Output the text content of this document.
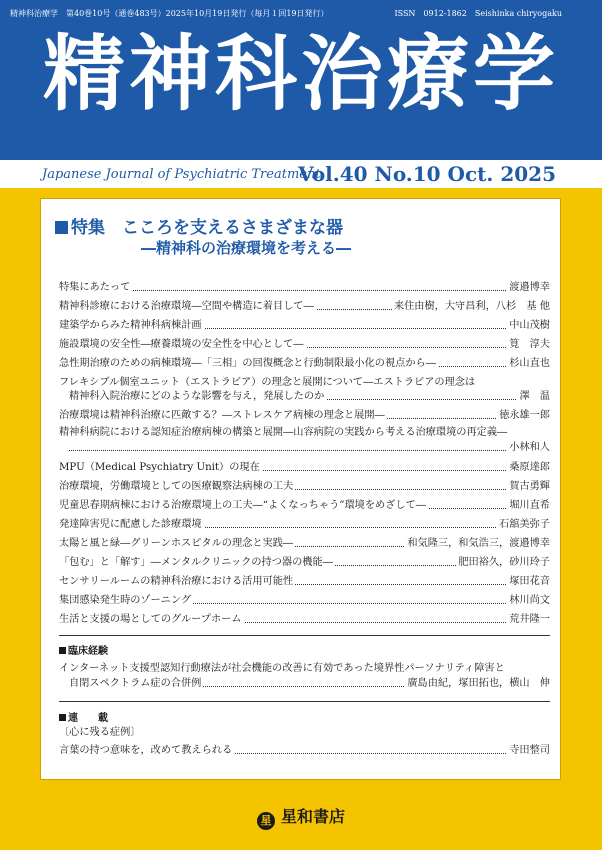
精神科治療学　第40巻10号（通巻483号）2025年10月19日発行（毎月１回19日発行）	ISSN　0912-1862　Seishinka chiryogaku
精神科治療学
Japanese Journal of Psychiatric Treatment
Vol.40 No.10 Oct. 2025
特集　こころを支えるさまざまな器
―精神科の治療環境を考える―
特集にあたって	渡邉博幸
精神科診療における治療環境―空間や構造に着目して―	来住由樹，大守昌利，八杉　基 他
建築学からみた精神科病棟計画	中山茂樹
施設環境の安全性―療養環境の安全性を中心として―	筧　淳夫
急性期治療のための病棟環境―「三相」の回復概念と行動制限最小化の視点から―	杉山直也
フレキシブル個室ユニット（エストラビア）の理念と展開について―エストラビアの理念は
精神科入院治療にどのような影響を与え，発展したのか	澤　温
治療環境は精神科治療に匹敵する？―ストレスケア病棟の理念と展開―	徳永雄一郎
精神科病院における認知症治療病棟の構築と展開―山容病院の実践から考える治療環境の再定義―
小林和人
MPU（Medical Psychiatry Unit）の現在	桑原達郎
治療環境，労働環境としての医療観察法病棟の工夫	賀古勇輝
児童思春期病棟における治療環境上の工夫―“よくなっちゃう”環境をめざして―	堀川直希
発達障害児に配慮した診療環境	石舘美弥子
太陽と風と緑―グリーンホスピタルの理念と実践―	和気隆三，和気浩三，渡邉博幸
「包む」と「解す」―メンタルクリニックの持つ器の機能―	肥田裕久，砂川玲子
センサリールームの精神科治療における活用可能性	塚田花音
集団感染発生時のゾーニング	林川尚文
生活と支援の場としてのグループホーム	荒井隆一
臨床経験
インターネット支援型認知行動療法が社会機能の改善に有効であった境界性パーソナリティ障害と
自閉スペクトラム症の合併例	廣島由紀，塚田拓也，横山　伸
連　　載
〔心に残る症例〕
言葉の持つ意味を，改めて教えられる	寺田整司
星 星和書店
